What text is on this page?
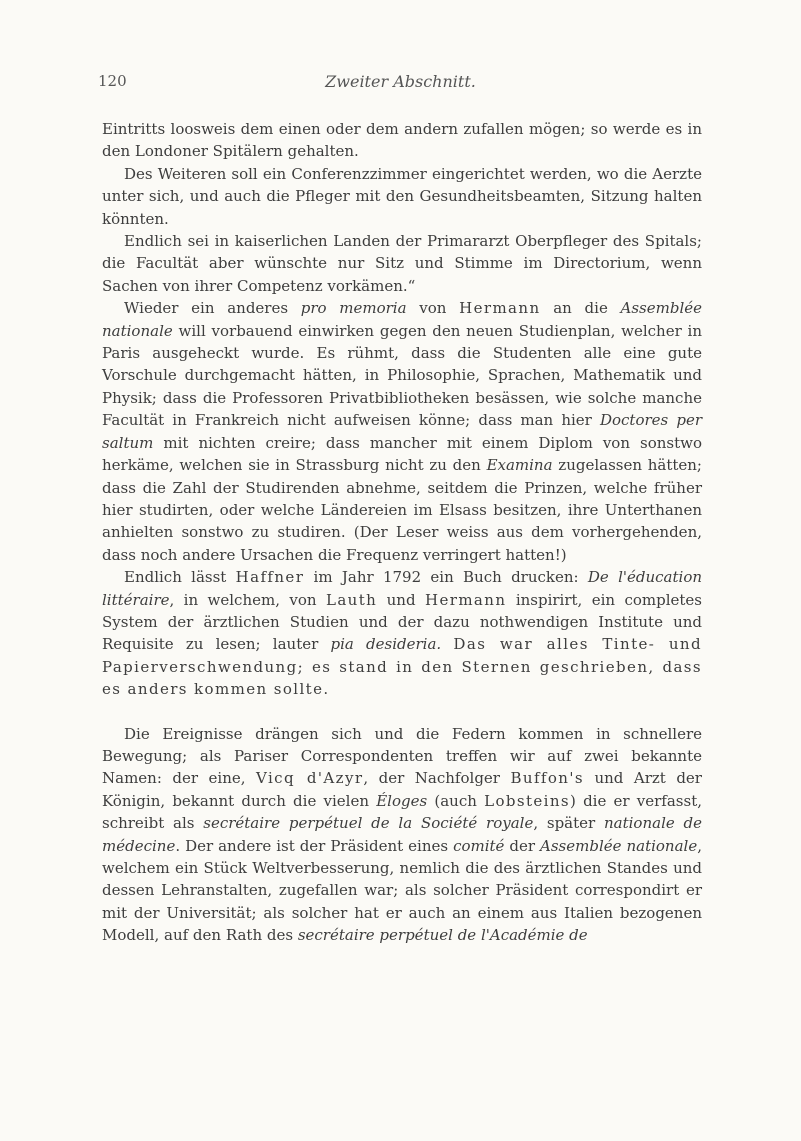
120	Zweiter Abschnitt.

Eintritts loosweis dem einen oder dem andern zufallen mögen; so werde es in den Londoner Spitälern gehalten.

Des Weiteren soll ein Conferenzzimmer eingerichtet werden, wo die Aerzte unter sich, und auch die Pfleger mit den Gesundheitsbeamten, Sitzung halten könnten.

Endlich sei in kaiserlichen Landen der Primararzt Oberpfleger des Spitals; die Facultät aber wünschte nur Sitz und Stimme im Directorium, wenn Sachen von ihrer Competenz vorkämen.“

Wieder ein anderes pro memoria von Hermann an die Assemblée nationale will vorbauend einwirken gegen den neuen Studienplan, welcher in Paris ausgeheckt wurde. Es rühmt, dass die Studenten alle eine gute Vorschule durchgemacht hätten, in Philosophie, Sprachen, Mathematik und Physik; dass die Professoren Privatbibliotheken besässen, wie solche manche Facultät in Frankreich nicht aufweisen könne; dass man hier Doctores per saltum mit nichten creire; dass mancher mit einem Diplom von sonstwo herkäme, welchen sie in Strassburg nicht zu den Examina zugelassen hätten; dass die Zahl der Studirenden abnehme, seitdem die Prinzen, welche früher hier studirten, oder welche Ländereien im Elsass besitzen, ihre Unterthanen anhielten sonstwo zu studiren. (Der Leser weiss aus dem vorhergehenden, dass noch andere Ursachen die Frequenz verringert hatten!)

Endlich lässt Haffner im Jahr 1792 ein Buch drucken: De l'éducation littéraire, in welchem, von Lauth und Hermann inspirirt, ein completes System der ärztlichen Studien und der dazu nothwendigen Institute und Requisite zu lesen; lauter pia desideria. Das war alles Tinte- und Papierverschwendung; es stand in den Sternen geschrieben, dass es anders kommen sollte.

Die Ereignisse drängen sich und die Federn kommen in schnellere Bewegung; als Pariser Correspondenten treffen wir auf zwei bekannte Namen: der eine, Vicq d'Azyr, der Nachfolger Buffon's und Arzt der Königin, bekannt durch die vielen Éloges (auch Lobsteins) die er verfasst, schreibt als secrétaire perpétuel de la Société royale, später nationale de médecine. Der andere ist der Präsident eines comité der Assemblée nationale, welchem ein Stück Weltverbesserung, nemlich die des ärztlichen Standes und dessen Lehranstalten, zugefallen war; als solcher Präsident correspondirt er mit der Universität; als solcher hat er auch an einem aus Italien bezogenen Modell, auf den Rath des secrétaire perpétuel de l'Académie de
